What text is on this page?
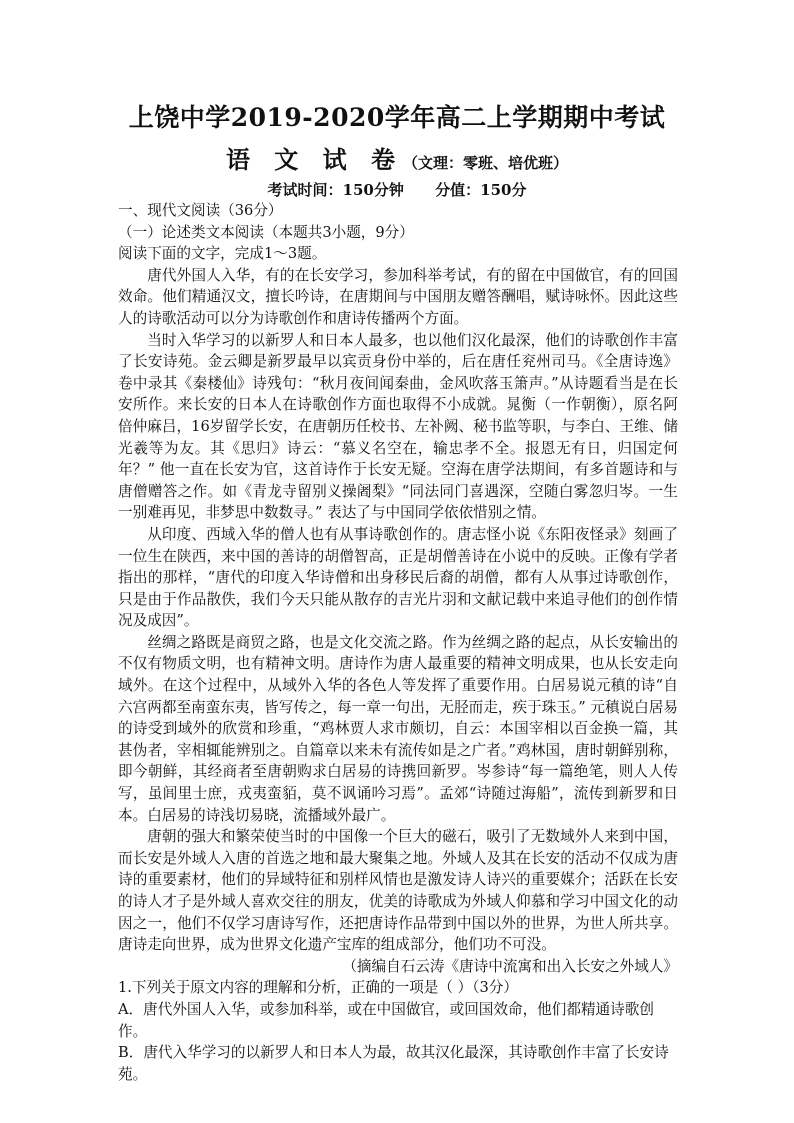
上饶中学2019-2020学年高二上学期期中考试
语 文 试 卷（文理：零班、培优班）
考试时间：150分钟      分值：150分

一、现代文阅读（36分）

（一）论述类文本阅读（本题共3小题，9分）

阅读下面的文字，完成1～3题。

唐代外国人入华，有的在长安学习，参加科举考试，有的留在中国做官，有的回国效命。他们精通汉文，擅长吟诗，在唐期间与中国朋友赠答酬唱，赋诗咏怀。因此这些人的诗歌活动可以分为诗歌创作和唐诗传播两个方面。

当时入华学习的以新罗人和日本人最多，也以他们汉化最深，他们的诗歌创作丰富了长安诗苑。金云卿是新罗最早以宾贡身份中举的，后在唐任兖州司马。《全唐诗逸》卷中录其《秦楼仙》诗残句：“秋月夜间闻秦曲，金风吹落玉箫声。”从诗题看当是在长安所作。来长安的日本人在诗歌创作方面也取得不小成就。晁衡（一作朝衡），原名阿倍仲麻吕，16岁留学长安，在唐朝历任校书、左补阙、秘书监等职，与李白、王维、储光羲等为友。其《思归》诗云：“慕义名空在，输忠孝不全。报恩无有日，归国定何年？” 他一直在长安为官，这首诗作于长安无疑。空海在唐学法期间，有多首题诗和与唐僧赠答之作。如《青龙寺留别义操阇梨》“同法同门喜遇深，空随白雾忽归岑。一生一别难再见，非梦思中数数寻。” 表达了与中国同学依依惜别之情。

从印度、西域入华的僧人也有从事诗歌创作的。唐志怪小说《东阳夜怪录》刻画了一位生在陕西，来中国的善诗的胡僧智高，正是胡僧善诗在小说中的反映。正像有学者指出的那样，“唐代的印度入华诗僧和出身移民后裔的胡僧，都有人从事过诗歌创作，只是由于作品散佚，我们今天只能从散存的吉光片羽和文献记载中来追寻他们的创作情况及成因”。

丝绸之路既是商贸之路，也是文化交流之路。作为丝绸之路的起点，从长安输出的不仅有物质文明，也有精神文明。唐诗作为唐人最重要的精神文明成果，也从长安走向域外。在这个过程中，从域外入华的各色人等发挥了重要作用。白居易说元稹的诗“自六宫两都至南蛮东夷，皆写传之，每一章一句出，无胫而走，疾于珠玉。” 元稹说白居易的诗受到域外的欣赏和珍重，“鸡林贾人求市颇切，自云：本国宰相以百金换一篇，其甚伪者，宰相辄能辨别之。自篇章以来未有流传如是之广者。”鸡林国，唐时朝鲜别称，即今朝鲜，其经商者至唐朝购求白居易的诗携回新罗。岑参诗“每一篇绝笔，则人人传写，虽闾里士庶，戎夷蛮貊，莫不讽诵吟习焉”。孟郊“诗随过海船”，流传到新罗和日本。白居易的诗浅切易晓，流播域外最广。

唐朝的强大和繁荣使当时的中国像一个巨大的磁石，吸引了无数域外人来到中国，而长安是外域人入唐的首选之地和最大聚集之地。外域人及其在长安的活动不仅成为唐诗的重要素材，他们的异域特征和别样风情也是激发诗人诗兴的重要媒介；活跃在长安的诗人才子是外域人喜欢交往的朋友，优美的诗歌成为外域人仰慕和学习中国文化的动因之一，他们不仅学习唐诗写作，还把唐诗作品带到中国以外的世界，为世人所共享。唐诗走向世界，成为世界文化遗产宝库的组成部分，他们功不可没。

（摘编自石云涛《唐诗中流寓和出入长安之外域人》

1.下列关于原文内容的理解和分析，正确的一项是（ ）（3分）

A．唐代外国人入华，或参加科举，或在中国做官，或回国效命，他们都精通诗歌创作。

B．唐代入华学习的以新罗人和日本人为最，故其汉化最深，其诗歌创作丰富了长安诗苑。
